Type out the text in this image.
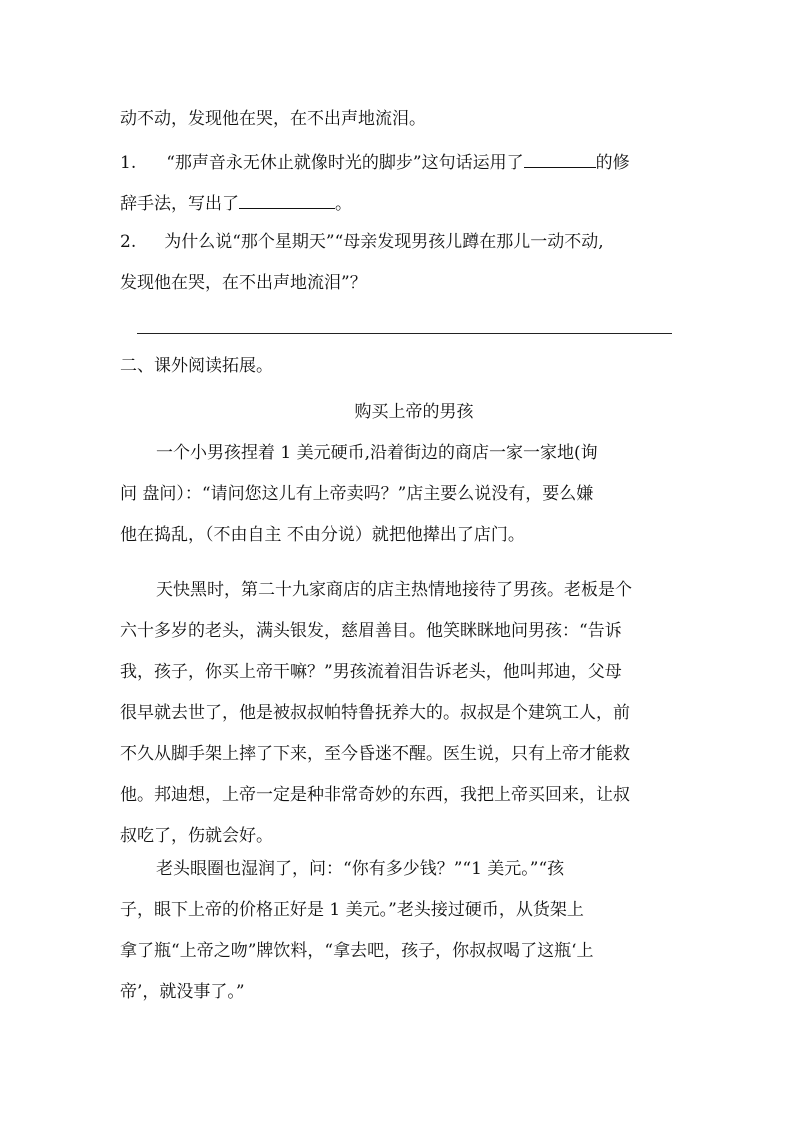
动不动，发现他在哭，在不出声地流泪。
1. “那声音永无休止就像时光的脚步”这句话运用了	的修
辞手法，写出了	。
2. 为什么说“那个星期天”“母亲发现男孩儿蹲在那儿一动不动,
发现他在哭，在不出声地流泪”？
二、课外阅读拓展。
购买上帝的男孩
一个小男孩捏着 1 美元硬币,沿着街边的商店一家一家地(询
问 盘问）：“请问您这儿有上帝卖吗？”店主要么说没有，要么嫌
他在捣乱，（不由自主 不由分说）就把他撵出了店门。
天快黑时，第二十九家商店的店主热情地接待了男孩。老板是个
六十多岁的老头，满头银发，慈眉善目。他笑眯眯地问男孩：“告诉
我，孩子，你买上帝干嘛？”男孩流着泪告诉老头，他叫邦迪，父母
很早就去世了，他是被叔叔帕特鲁抚养大的。叔叔是个建筑工人，前
不久从脚手架上摔了下来，至今昏迷不醒。医生说，只有上帝才能救
他。邦迪想，上帝一定是种非常奇妙的东西，我把上帝买回来，让叔
叔吃了，伤就会好。
老头眼圈也湿润了，问：“你有多少钱？”“1 美元。”“孩
子，眼下上帝的价格正好是 1 美元。”老头接过硬币，从货架上
拿了瓶“上帝之吻”牌饮料，“拿去吧，孩子，你叔叔喝了这瓶‘上
帝’，就没事了。”
